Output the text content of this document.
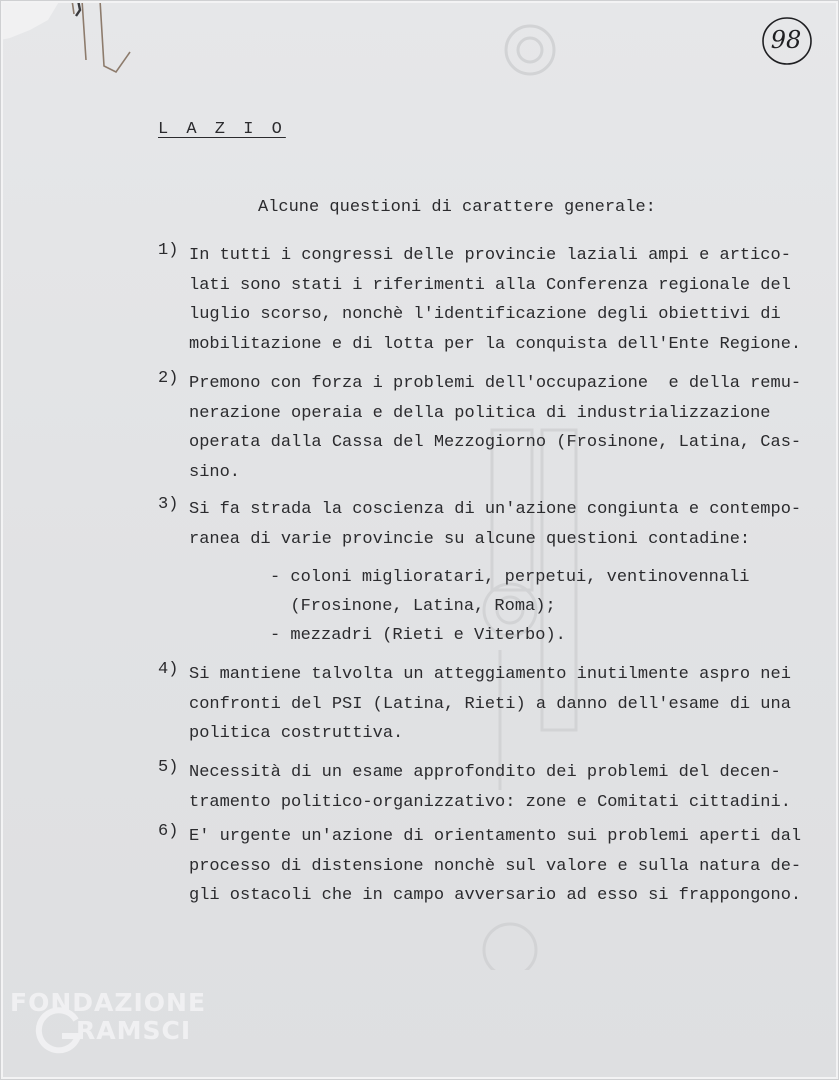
98
L A Z I O
Alcune questioni di carattere generale:
1) In tutti i congressi delle provincie laziali ampi e artico-
lati sono stati i riferimenti alla Conferenza regionale del
luglio scorso, nonchè l'identificazione degli obiettivi di
mobilitazione e di lotta per la conquista dell'Ente Regione.
2) Premono con forza i problemi dell'occupazione  e della remu-
nerazione operaia e della politica di industrializzazione
operata dalla Cassa del Mezzogiorno (Frosinone, Latina, Cas-
sino.
3) Si fa strada la coscienza di un'azione congiunta e contempo-
ranea di varie provincie su alcune questioni contadine:
- coloni miglioratari, perpetui, ventinovennali
(Frosinone, Latina, Roma);
- mezzadri (Rieti e Viterbo).
4) Si mantiene talvolta un atteggiamento inutilmente aspro nei
confronti del PSI (Latina, Rieti) a danno dell'esame di una
politica costruttiva.
5) Necessità di un esame approfondito dei problemi del decen-
tramento politico-organizzativo: zone e Comitati cittadini.
6) E' urgente un'azione di orientamento sui problemi aperti dal
processo di distensione nonchè sul valore e sulla natura de-
gli ostacoli che in campo avversario ad esso si frappongono.
FONDAZIONE
RAMSCI
